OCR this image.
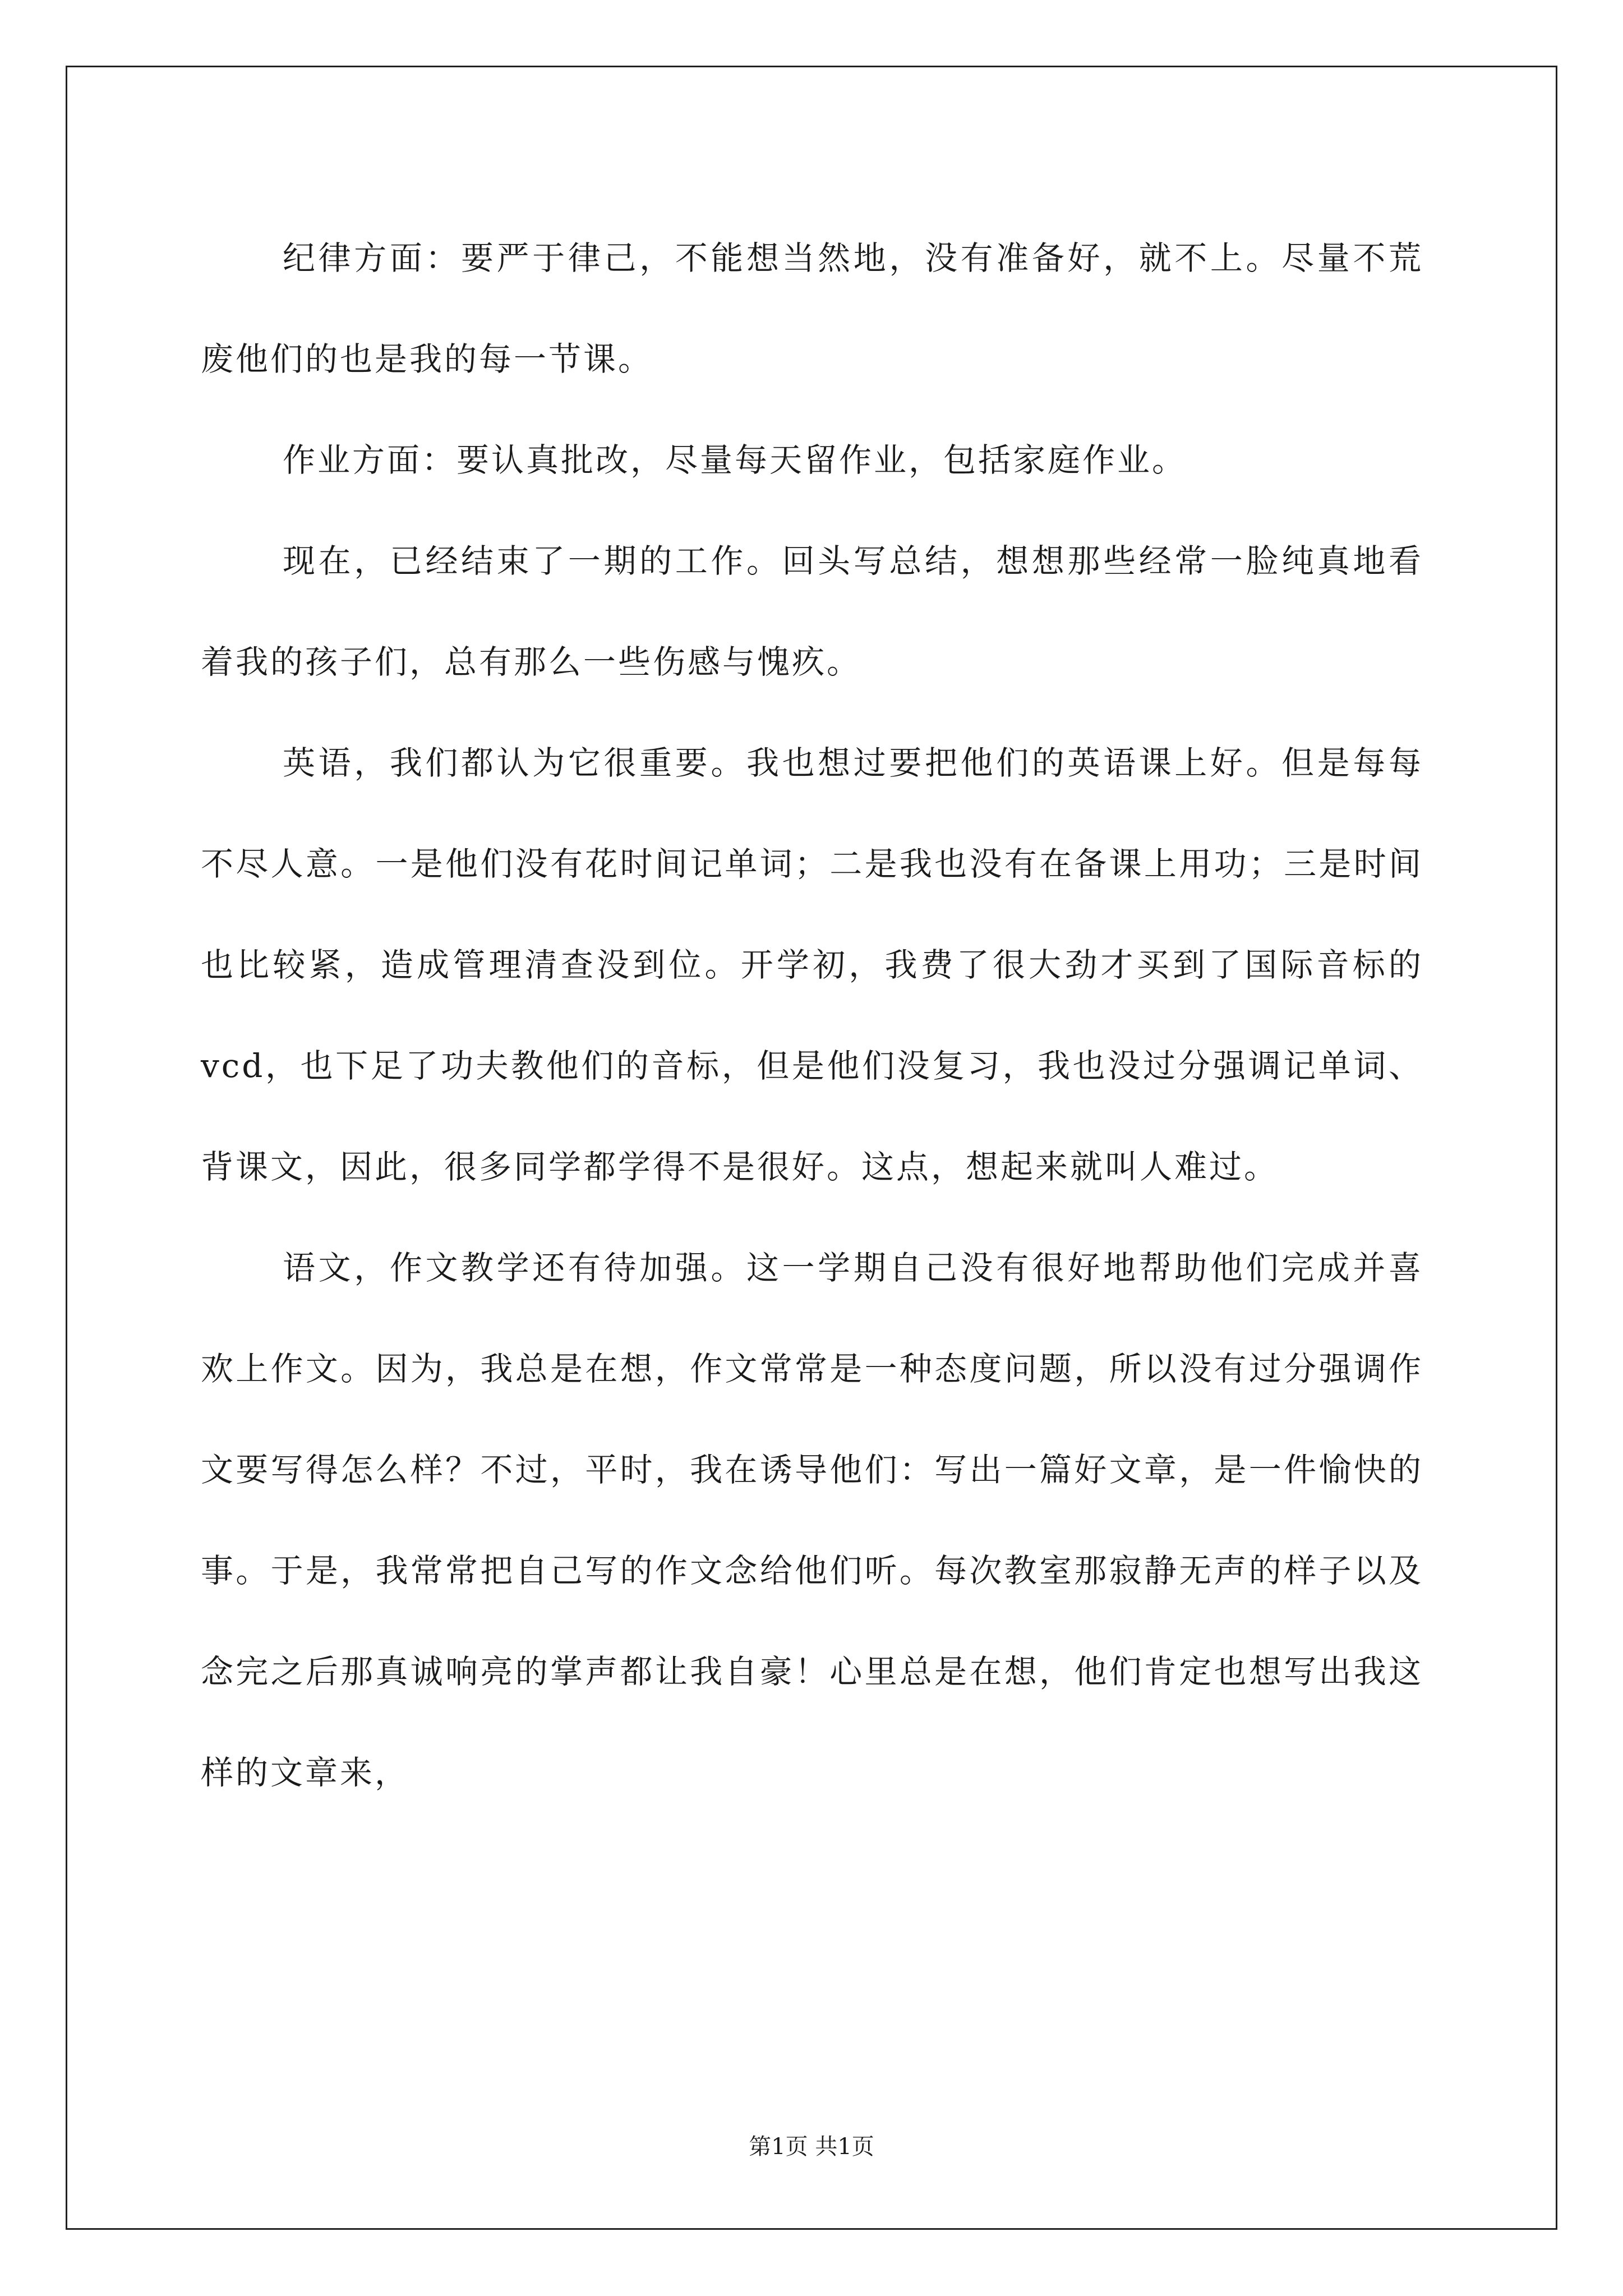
纪律方面：要严于律己，不能想当然地，没有准备好，就不上。尽量不荒废他们的也是我的每一节课。

作业方面：要认真批改，尽量每天留作业，包括家庭作业。

现在，已经结束了一期的工作。回头写总结，想想那些经常一脸纯真地看着我的孩子们，总有那么一些伤感与愧疚。

英语，我们都认为它很重要。我也想过要把他们的英语课上好。但是每每不尽人意。一是他们没有花时间记单词；二是我也没有在备课上用功；三是时间也比较紧，造成管理清查没到位。开学初，我费了很大劲才买到了国际音标的vcd，也下足了功夫教他们的音标，但是他们没复习，我也没过分强调记单词、背课文，因此，很多同学都学得不是很好。这点，想起来就叫人难过。

语文，作文教学还有待加强。这一学期自己没有很好地帮助他们完成并喜欢上作文。因为，我总是在想，作文常常是一种态度问题，所以没有过分强调作文要写得怎么样？不过，平时，我在诱导他们：写出一篇好文章，是一件愉快的事。于是，我常常把自己写的作文念给他们听。每次教室那寂静无声的样子以及念完之后那真诚响亮的掌声都让我自豪！心里总是在想，他们肯定也想写出我这样的文章来，

第1页 共1页
